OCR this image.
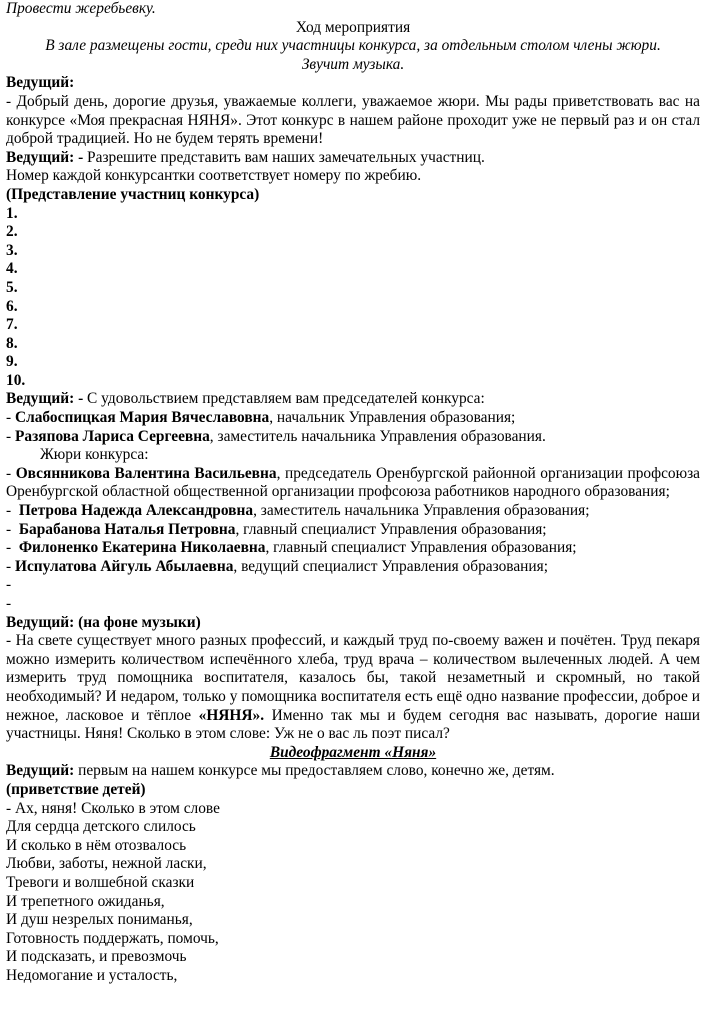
Провести жеребьевку.
Ход мероприятия
В зале размещены гости, среди них участницы конкурса, за отдельным столом члены жюри.
Звучит музыка.
Ведущий:
- Добрый день, дорогие друзья, уважаемые коллеги, уважаемое жюри. Мы рады приветствовать вас на конкурсе «Моя прекрасная НЯНЯ». Этот конкурс в нашем районе проходит уже не первый раз и он стал доброй традицией. Но не будем терять времени!
Ведущий: - Разрешите представить вам наших замечательных участниц.
Номер каждой конкурсантки соответствует номеру по жребию.
(Представление участниц конкурса)
1.
2.
3.
4.
5.
6.
7.
8.
9.
10.
Ведущий: - С удовольствием представляем вам председателей конкурса:
- Слабоспицкая Мария Вячеславовна, начальник Управления образования;
- Разяпова Лариса Сергеевна, заместитель начальника Управления образования.
Жюри конкурса:
- Овсянникова Валентина Васильевна, председатель Оренбургской районной организации профсоюза Оренбургской областной общественной организации профсоюза работников народного образования;
-  Петрова Надежда Александровна, заместитель начальника Управления образования;
-  Барабанова Наталья Петровна, главный специалист Управления образования;
-  Филоненко Екатерина Николаевна, главный специалист Управления образования;
- Испулатова Айгуль Абылаевна, ведущий специалист Управления образования;
-
-
Ведущий: (на фоне музыки)
- На свете существует много разных профессий, и каждый труд по-своему важен и почётен. Труд пекаря можно измерить количеством испечённого хлеба, труд врача – количеством вылеченных людей. А чем измерить труд помощника воспитателя, казалось бы, такой незаметный и скромный, но такой необходимый? И недаром, только у помощника воспитателя есть ещё одно название профессии, доброе и нежное, ласковое и тёплое «НЯНЯ». Именно так мы и будем сегодня вас называть, дорогие наши участницы. Няня! Сколько в этом слове: Уж не о вас ль поэт писал?
Видеофрагмент «Няня»
Ведущий: первым на нашем конкурсе мы предоставляем слово, конечно же, детям.
(приветствие детей)
- Ах, няня! Сколько в этом слове
Для сердца детского слилось
И сколько в нём отозвалось
Любви, заботы, нежной ласки,
Тревоги и волшебной сказки
И трепетного ожиданья,
И душ незрелых пониманья,
Готовность поддержать, помочь,
И подсказать, и превозмочь
Недомогание и усталость,
